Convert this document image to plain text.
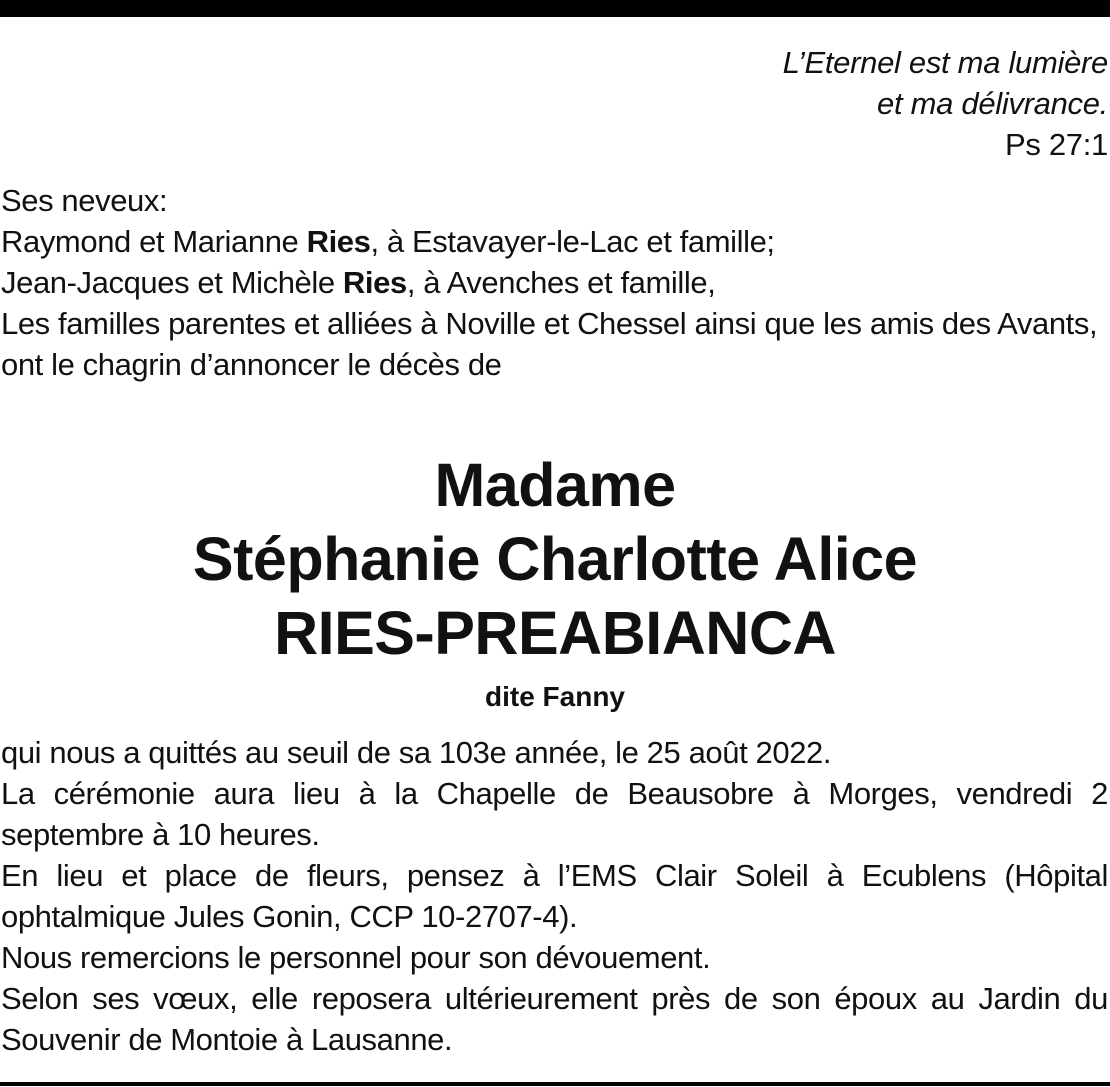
L’Eternel est ma lumière
et ma délivrance.
Ps 27:1

Ses neveux:

Raymond et Marianne Ries, à Estavayer-le-Lac et famille;

Jean-Jacques et Michèle Ries, à Avenches et famille,

Les familles parentes et alliées à Noville et Chessel ainsi que les amis des Avants,

ont le chagrin d’annoncer le décès de

Madame
Stéphanie Charlotte Alice
RIES-PREABIANCA
dite Fanny

qui nous a quittés au seuil de sa 103e année, le 25 août 2022.

La cérémonie aura lieu à la Chapelle de Beausobre à Morges, vendredi 2 septembre à 10 heures.

En lieu et place de fleurs, pensez à l’EMS Clair Soleil à Ecublens (Hôpital ophtalmique Jules Gonin, CCP 10-2707-4).

Nous remercions le personnel pour son dévouement.

Selon ses vœux, elle reposera ultérieurement près de son époux au Jardin du Souvenir de Montoie à Lausanne.
